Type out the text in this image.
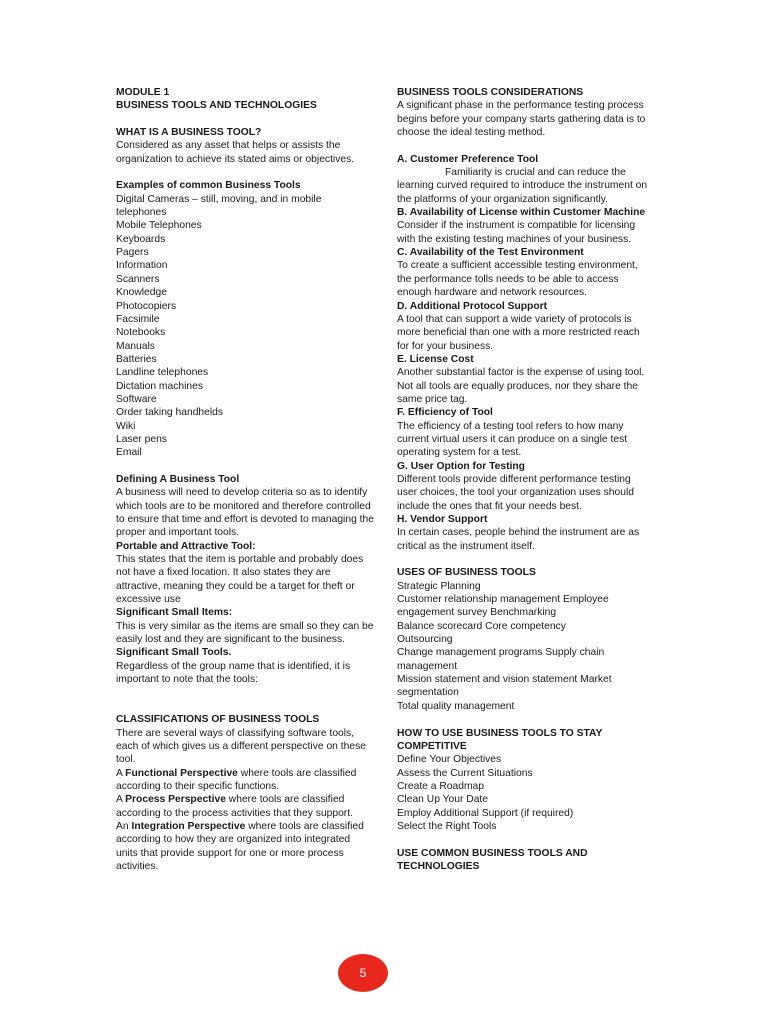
MODULE 1

BUSINESS TOOLS AND TECHNOLOGIES

WHAT IS A BUSINESS TOOL?

Considered as any asset that helps or assists the organization to achieve its stated aims or objectives.

Examples of common Business Tools

Digital Cameras – still, moving, and in mobile telephones

Mobile Telephones

Keyboards

Pagers

Information

Scanners

Knowledge

Photocopiers

Facsimile

Notebooks

Manuals

Batteries

Landline telephones

Dictation machines

Software

Order taking handhelds

Wiki

Laser pens

Email

Defining A Business Tool

A business will need to develop criteria so as to identify which tools are to be monitored and therefore controlled to ensure that time and effort is devoted to managing the proper and important tools.

Portable and Attractive Tool:

This states that the item is portable and probably does not have a fixed location. It also states they are attractive, meaning they could be a target for theft or excessive use

Significant Small Items:

This is very similar as the items are small so they can be easily lost and they are significant to the business.

Significant Small Tools.

Regardless of the group name that is identified, it is important to note that the tools:

CLASSIFICATIONS OF BUSINESS TOOLS

There are several ways of classifying software tools, each of which gives us a different perspective on these tool.

A Functional Perspective where tools are classified according to their specific functions.

A Process Perspective where tools are classified according to the process activities that they support.

An Integration Perspective where tools are classified according to how they are organized into integrated units that provide support for one or more process activities.

BUSINESS TOOLS CONSIDERATIONS

A significant phase in the performance testing process begins before your company starts gathering data is to choose the ideal testing method.

A. Customer Preference Tool

Familiarity is crucial and can reduce the

learning curved required to introduce the instrument on the platforms of your organization significantly.

B. Availability of License within Customer Machine

Consider if the instrument is compatible for licensing with the existing testing machines of your business.

C. Availability of the Test Environment

To create a sufficient accessible testing environment, the performance tolls needs to be able to access enough hardware and network resources.

D. Additional Protocol Support

A tool that can support a wide variety of protocols is more beneficial than one with a more restricted reach for for your business.

E. License Cost

Another substantial factor is the expense of using tool. Not all tools are equally produces, nor they share the same price tag.

F. Efficiency of Tool

The efficiency of a testing tool refers to how many current virtual users it can produce on a single test operating system for a test.

G. User Option for Testing

Different tools provide different performance testing user choices, the tool your organization uses should include the ones that fit your needs best.

H. Vendor Support

In certain cases, people behind the instrument are as critical as the instrument itself.

USES OF BUSINESS TOOLS

Strategic Planning

Customer relationship management Employee engagement survey Benchmarking

Balance scorecard Core competency

Outsourcing

Change management programs Supply chain management

Mission statement and vision statement Market segmentation

Total quality management

HOW TO USE BUSINESS TOOLS TO STAY COMPETITIVE

Define Your Objectives

Assess the Current Situations

Create a Roadmap

Clean Up Your Date

Employ Additional Support (if required)

Select the Right Tools

USE COMMON BUSINESS TOOLS AND TECHNOLOGIES

5
